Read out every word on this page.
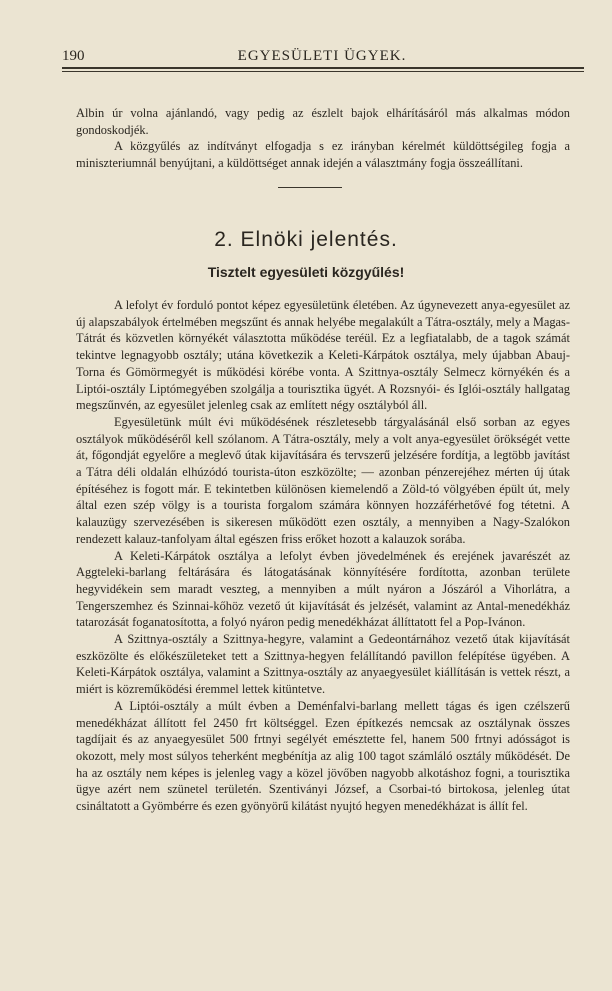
190	EGYESÜLETI ÜGYEK.

Albin úr volna ajánlandó, vagy pedig az észlelt bajok elhárításáról más alkalmas módon gondoskodjék.

A közgyűlés az indítványt elfogadja s ez irányban kérelmét küldöttségileg fogja a miniszteriumnál benyújtani, a küldöttséget annak idején a választmány fogja összeállítani.

2. Elnöki jelentés.
Tisztelt egyesületi közgyűlés!

A lefolyt év forduló pontot képez egyesületünk életében. Az úgynevezett anya-egyesület az új alapszabályok értelmében megszűnt és annak helyébe megalakúlt a Tátra-osztály, mely a Magas-Tátrát és közvetlen környékét választotta működése teréül. Ez a legfiatalabb, de a tagok számát tekintve legnagyobb osztály; utána következik a Keleti-Kárpátok osztálya, mely újabban Abauj-Torna és Gömörmegyét is működési körébe vonta. A Szittnya-osztály Selmecz környékén és a Liptói-osztály Liptómegyében szolgálja a tourisztika ügyét. A Rozsnyói- és Iglói-osztály hallgatag megszűnvén, az egyesület jelenleg csak az említett négy osztályból áll.

Egyesületünk múlt évi működésének részletesebb tárgyalásánál első sorban az egyes osztályok működéséről kell szólanom. A Tátra-osztály, mely a volt anya-egyesület örökségét vette át, főgondját egyelőre a meglevő útak kijavítására és tervszerű jelzésére fordítja, a legtöbb javítást a Tátra déli oldalán elhúzódó tourista-úton eszközölte; — azonban pénzerejéhez mérten új útak építéséhez is fogott már. E tekintetben különösen kiemelendő a Zöld-tó völgyében épült út, mely által ezen szép völgy is a tourista forgalom számára könnyen hozzáférhetővé fog tétetni. A kalauzügy szervezésében is sikeresen működött ezen osztály, a mennyiben a Nagy-Szalókon rendezett kalauz-tanfolyam által egészen friss erőket hozott a kalauzok sorába.

A Keleti-Kárpátok osztálya a lefolyt évben jövedelmének és erejének javarészét az Aggteleki-barlang feltárására és látogatásának könnyítésére fordította, azonban területe hegyvidékein sem maradt veszteg, a mennyiben a múlt nyáron a Jószáról a Vihorlátra, a Tengerszemhez és Szinnai-kőhöz vezető út kijavítását és jelzését, valamint az Antal-menedékház tatarozását foganatosította, a folyó nyáron pedig menedékházat állíttatott fel a Pop-Ivánon.

A Szittnya-osztály a Szittnya-hegyre, valamint a Gedeontárnához vezető útak kijavítását eszközölte és előkészületeket tett a Szittnya-hegyen felállítandó pavillon felépítése ügyében. A Keleti-Kárpátok osztálya, valamint a Szittnya-osztály az anyaegyesület kiállításán is vettek részt, a miért is közreműködési éremmel lettek kitüntetve.

A Liptói-osztály a múlt évben a Deménfalvi-barlang mellett tágas és igen czélszerű menedékházat állított fel 2450 frt költséggel. Ezen építkezés nemcsak az osztálynak összes tagdíjait és az anyaegyesület 500 frtnyi segélyét emésztette fel, hanem 500 frtnyi adósságot is okozott, mely most súlyos teherként megbénítja az alig 100 tagot számláló osztály működését. De ha az osztály nem képes is jelenleg vagy a közel jövőben nagyobb alkotáshoz fogni, a tourisztika ügye azért nem szünetel területén. Szentiványi József, a Csorbai-tó birtokosa, jelenleg útat csináltatott a Gyömbérre és ezen gyönyörű kilátást nyujtó hegyen menedékházat is állít fel.
